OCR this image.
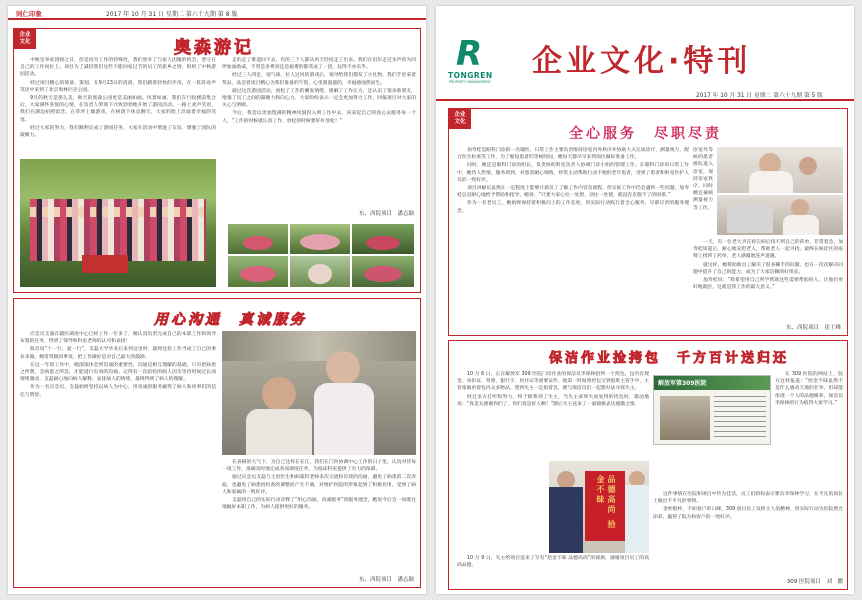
同仁印象	2017 年 10 月 31 日 星期二 第六十九期 第 8 版
企业
文化	奥森游记

中秋是举家团圆之日，但是因为工作的特殊性，我们放弃了与家人团聚的机会，坚守在自己的工作岗位上。项目为了减轻我们这些不能回家过节的员工的思乡之情，组织了中秋游园活动。

经过项目精心的筹备、策划，在9月23日的清晨，我们踏着轻快的步伐，在一阵阵欢声笑语中来到了北京奥林匹克公园。

9月的秋天是那么美，秋天的奥森公园更是美丽如画。风景如画，我们在行政楼前集合后，大家满怀喜悦的心情，在负责人带领下兴致勃勃地开始了游园活动。一路上欢声笑语，我们在湖边拍照留念，在草坪上做游戏，在树荫下休息聊天，大家的脸上洋溢着幸福的笑容。

经过大家的努力，我们顺利完成了游园任务，大家在活动中增进了友谊，增强了团队的凝聚力。

走的走了难道回不去，有的三个人都从风天轻度走了出来。我们在沿岸走过水声的为同伴加油助威，不管是多费劲还是艰难的都笑成了一团，玩得不亦乐乎。

经过三人四足，项气球，拉人过河的游戏后，领导给我们都发了小礼物。我们手里拿着奖品，品尝着项目精心为我们准备的午饭，心里甜滋滋的，幸福感油然而生。

通过这次游园活动，放松了工作的紧张情绪，缓解了工作压力，还认识了很多新朋友，增强了员工之间的凝聚力和向心力，大家纷纷表示一定会更加努力工作，回报项目对大家的关心与照顾。

今后，我会以更加饱满的精神风貌投入到工作中去，该拿起自己的真心去服务每一个人，“工作的时候就认真工作，放松的时候要好好放松！”

东、西院项目　潘志颖
用心沟通　真诚服务

应急员支器在辅医调度中心已经工作一年多了，她认真负责完成自己的本职工作和领导布置的任务，得到了领导和科室老师的认可和表扬！

陈召说“十一行，爱一行”，支磊大学毕业后来到这里时，就将这份工作当成了自己的事业来做，她常常跟同事说，把工作做好是对自己最大的鼓励。

在这一年的工作中，她深深体会到沟通的重要性，沟通是相互理解的基础，只有把病患之所想，急病患之所急，才能进行有效的沟通。记得有一次陪检的病人因为等待时间过长而情绪激动，支磊耐心地向病人解释，安抚病人的情绪，最终得到了病人的理解。

作为一名应急员，支磊始终坚持以病人为中心，用真诚的服务赢得了病人和同事们的信任与赞誉。

在表格的大气下，为自己这样在长江，我们在门医协调中心工作的日子里，认真对待每一项工作，准确及时地完成各项调度任务，为临床科室提供了有力的保障。

通过应急员支磊与主治医生和病案科老师多次交流和有效的沟通，避免了病患的二次奔波，也避免了病患因检查的调整而产生不满，对维护医院的形象起到了积极作用，受到了病人和家属的一致好评。

支磊用自己的实际行动诠释了“用心沟通，真诚服务”的服务理念，她说今后会一如既往地做好本职工作，为病人提供更好的服务。

东、西院项目　潘志颖
R
TONGREN
PROPERTY MANAGEMENT
企业文化·特刊
2017 年 10 月 31 日 星期二 第六十九期 第 5 版
企业
文化
全心服务　尽职尽责

加寿桂是眼科门诊的一名辅医，日常工作主要负责维持诊室内外秩序并协助大夫完成诊疗、测量视力、配合医生检查等工作，为了缩短患者的等候时间，她每天都早早来到岗位做好准备工作。

同时，她还是眼科门诊的组长，负责协助科室负责人协调门诊小组的管理工作。在眼科门诊的日常工作中，她待人热情，服务周到，对患者耐心细致，经常主动帮助行动不便的老年患者，受到了患者和科室医护人员的一致好评。

项目讲解员虽然在一定程度上能够让新员工了解工作内容及流程，但实际工作中仍会遇到一些问题，加寿桂总是耐心地给予帮助和指导，她说：“只要大家心往一处想，劲往一处使，就没有克服不了的困难。”

作为一名老员工，她始终保持着积极向上的工作态度，用实际行动践行着全心服务、尽职尽责的服务理念。

诊室外等候的患者排队进入诊室，保持诊室秩序，同时她还兼顾测量视力等工作。

一天，有一位老大爷在看完病后找不到自己的药单，非常着急，加寿桂知道后，耐心地安慰老人，帮助老人一起寻找，最终在候诊区的座椅上找到了药单，老人感激地连声道谢。

就这样，她将助新员工解决了很多棘手的问题，也在一次次解决问题中提升了自己的能力，成为了大家信赖的好组长。

加寿桂说：“我希望用自己所学帮助这些需要帮助的人，让他们更好地就医，这就是我工作的最大意义。”

东、西院项目　崔王峰
保洁作业捡拷包　千方百计送归还

10 月 6 日，正在解放军 309 医院门诊作业的保洁员李保林拾到一个挎包，包内有现金、身份证、驾照、银行卡、居住证等重要证件，他第一时间将挎包交到值班主管手中，主管张敏看着包内众多物品，想到失主一定很着急，便与保洁员们一起想办法寻找失主。

经过多方打听和努力，终于联系到了失主，当失主拿到失而复得的挎包时，激动地说：“真是太感谢你们了，你们真是好人啊！”随后失主送来了一面锦旗表达感激之情。

解放军第309医院

在 309 医院的网站上，院方这样报道：“拾金不昧虽然不是什么感动天地的壮举，但却能体现一个人的品德修养，保洁员李保林的行为值得大家学习。”

品德高尚 拾金不昧	这件事情在医院和项目中传为佳话，员工们纷纷表示要向李保林学习，在平凡的岗位上做出不平凡的事情。

金杯银杯，不如客户的口碑。309 项目员工发挥主人翁精神，用实际行动为医院增光添彩，赢得了院方和客户的一致好评。

10 月 9 日，失主给项目送来了写有“拾金不昧 品德高尚”的锦旗，感谢项目员工的高尚品德。

309 医院项目　刘　鹏
